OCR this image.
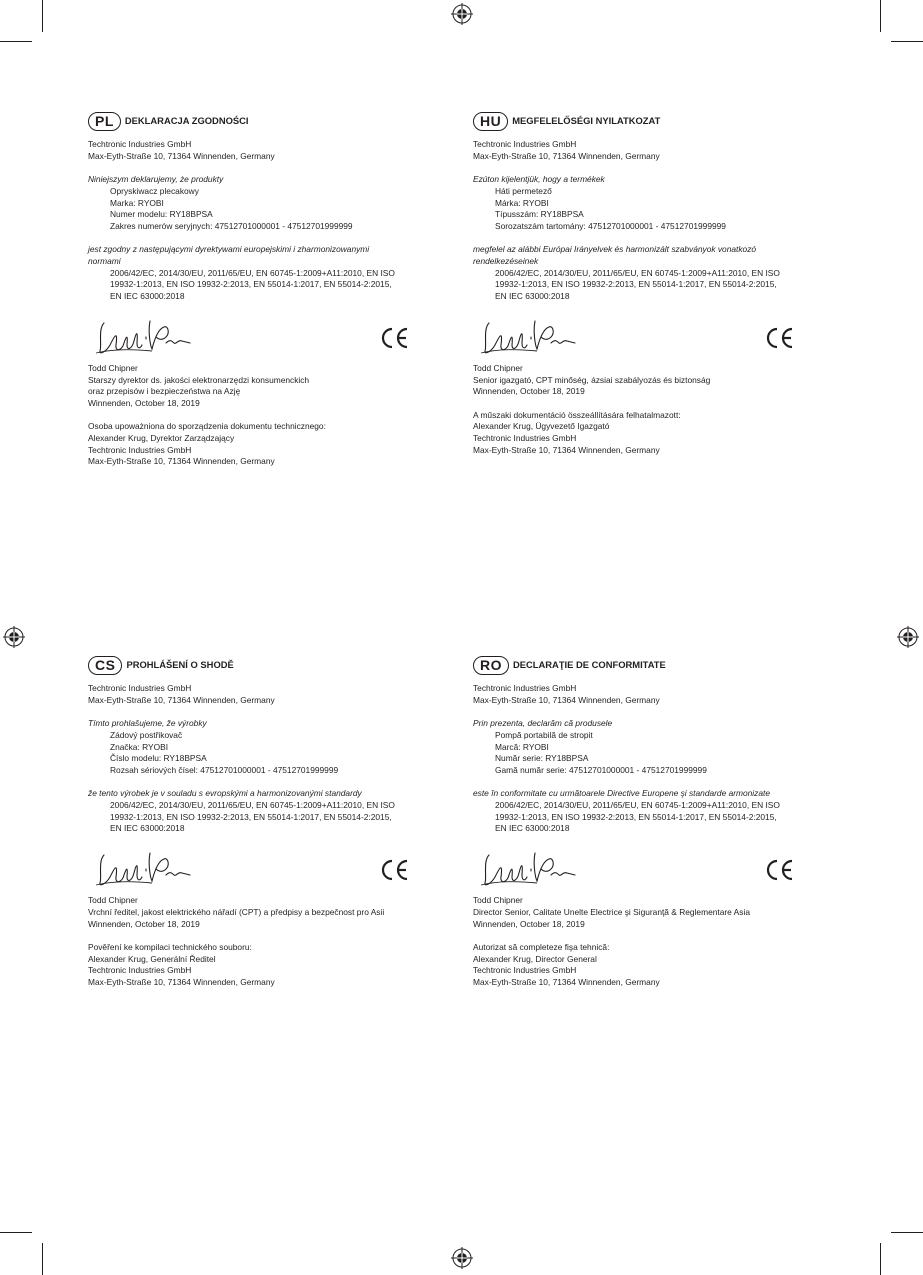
PL	DEKLARACJA ZGODNOŚCI
Techtronic Industries GmbH
Max-Eyth-Straße 10, 71364 Winnenden, Germany
Niniejszym deklarujemy, że produkty
Opryskiwacz plecakowy
Marka: RYOBI
Numer modelu: RY18BPSA
Zakres numerów seryjnych: 47512701000001 - 47512701999999
jest zgodny z następującymi dyrektywami europejskimi i zharmonizowanymi
normami
2006/42/EC, 2014/30/EU, 2011/65/EU, EN 60745-1:2009+A11:2010, EN ISO
19932-1:2013, EN ISO 19932-2:2013, EN 55014-1:2017, EN 55014-2:2015,
EN IEC 63000:2018
Todd Chipner
Starszy dyrektor ds. jakości elektronarzędzi konsumenckich
oraz przepisów i bezpieczeństwa na Azję
Winnenden, October 18, 2019
Osoba upoważniona do sporządzenia dokumentu technicznego:
Alexander Krug, Dyrektor Zarządzający
Techtronic Industries GmbH
Max-Eyth-Straße 10, 71364 Winnenden, Germany
HU	MEGFELELŐSÉGI NYILATKOZAT
Techtronic Industries GmbH
Max-Eyth-Straße 10, 71364 Winnenden, Germany
Ezúton kijelentjük, hogy a termékek
Háti permetező
Márka: RYOBI
Típusszám: RY18BPSA
Sorozatszám tartomány: 47512701000001 - 47512701999999
megfelel az alábbi Európai Irányelvek és harmonizált szabványok vonatkozó
rendelkezéseinek
2006/42/EC, 2014/30/EU, 2011/65/EU, EN 60745-1:2009+A11:2010, EN ISO
19932-1:2013, EN ISO 19932-2:2013, EN 55014-1:2017, EN 55014-2:2015,
EN IEC 63000:2018
Todd Chipner
Senior igazgató, CPT minőség, ázsiai szabályozás és biztonság
Winnenden, October 18, 2019
A műszaki dokumentáció összeállítására felhatalmazott:
Alexander Krug, Ügyvezető Igazgató
Techtronic Industries GmbH
Max-Eyth-Straße 10, 71364 Winnenden, Germany
CS	PROHLÁŠENÍ O SHODĚ
Techtronic Industries GmbH
Max-Eyth-Straße 10, 71364 Winnenden, Germany
Tímto prohlašujeme, že výrobky
Zádový postřikovač
Značka: RYOBI
Číslo modelu: RY18BPSA
Rozsah sériových čísel: 47512701000001 - 47512701999999
že tento výrobek je v souladu s evropskými a harmonizovanými standardy
2006/42/EC, 2014/30/EU, 2011/65/EU, EN 60745-1:2009+A11:2010, EN ISO
19932-1:2013, EN ISO 19932-2:2013, EN 55014-1:2017, EN 55014-2:2015,
EN IEC 63000:2018
Todd Chipner
Vrchní ředitel, jakost elektrického nářadí (CPT) a předpisy a bezpečnost pro Asii
Winnenden, October 18, 2019
Pověření ke kompilaci technického souboru:
Alexander Krug, Generální Ředitel
Techtronic Industries GmbH
Max-Eyth-Straße 10, 71364 Winnenden, Germany
RO	DECLARAŢIE DE CONFORMITATE
Techtronic Industries GmbH
Max-Eyth-Straße 10, 71364 Winnenden, Germany
Prin prezenta, declarăm că produsele
Pompă portabilă de stropit
Marcă: RYOBI
Număr serie: RY18BPSA
Gamă număr serie: 47512701000001 - 47512701999999
este în conformitate cu următoarele Directive Europene şi standarde armonizate
2006/42/EC, 2014/30/EU, 2011/65/EU, EN 60745-1:2009+A11:2010, EN ISO
19932-1:2013, EN ISO 19932-2:2013, EN 55014-1:2017, EN 55014-2:2015,
EN IEC 63000:2018
Todd Chipner
Director Senior, Calitate Unelte Electrice şi Siguranţă & Reglementare Asia
Winnenden, October 18, 2019
Autorizat să completeze fişa tehnică:
Alexander Krug, Director General
Techtronic Industries GmbH
Max-Eyth-Straße 10, 71364 Winnenden, Germany
